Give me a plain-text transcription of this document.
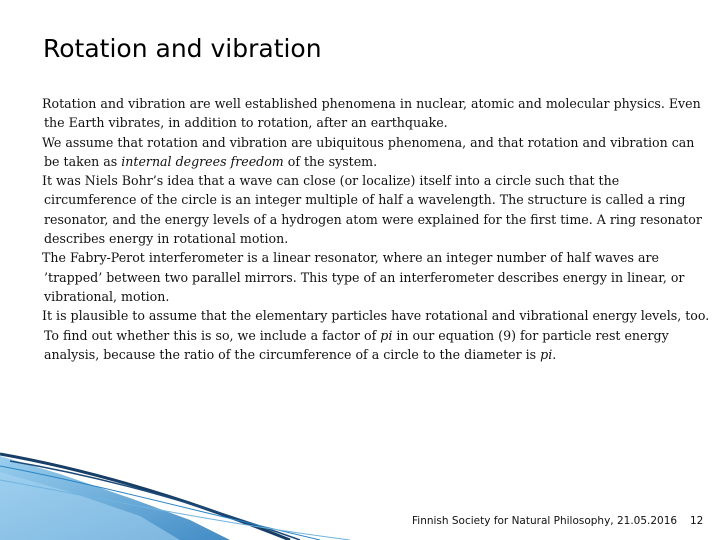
Rotation and vibration

Rotation and vibration are well established phenomena in nuclear, atomic and molecular physics. Even the Earth vibrates, in addition to rotation, after an earthquake.

We assume that rotation and vibration are ubiquitous phenomena, and that rotation and vibration can be taken as internal degrees freedom of the system.

It was Niels Bohr’s idea that a wave can close (or localize) itself into a circle such that the circumference of the circle is an integer multiple of half a wavelength. The structure is called a ring resonator, and the energy levels of a hydrogen atom were explained for the first time. A ring resonator describes energy in rotational motion.

The Fabry-Perot interferometer is a linear resonator, where an integer number of half waves are ’trapped’ between two parallel mirrors. This type of an interferometer describes energy in linear, or vibrational, motion.

It is plausible to assume that the elementary particles have rotational and vibrational energy levels, too. To find out whether this is so, we include a factor of pi in our equation (9) for particle rest energy analysis, because the ratio of the circumference of a circle to the diameter is pi.

Finnish Society for Natural Philosophy, 21.05.2016 12
